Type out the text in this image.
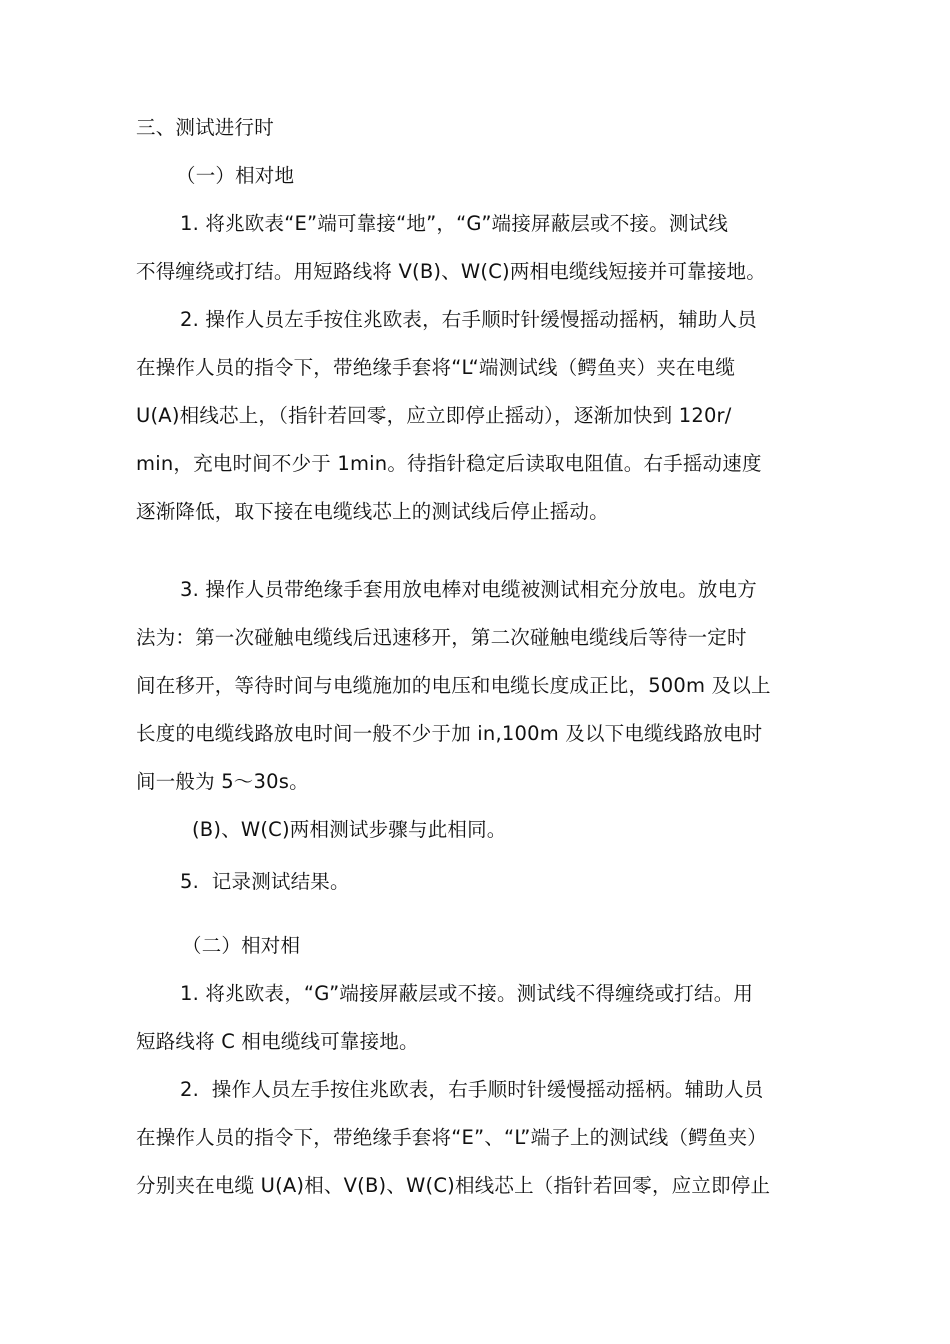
三、测试进行时
（一）相对地
1. 将兆欧表“E”端可靠接“地”，“G”端接屏蔽层或不接。测试线
不得缠绕或打结。用短路线将 V(B)、W(C)两相电缆线短接并可靠接地。
2. 操作人员左手按住兆欧表，右手顺时针缓慢摇动摇柄，辅助人员
在操作人员的指令下，带绝缘手套将“L“端测试线（鳄鱼夹）夹在电缆
U(A)相线芯上，（指针若回零，应立即停止摇动），逐渐加快到 120r/
min，充电时间不少于 1min。待指针稳定后读取电阻值。右手摇动速度
逐渐降低，取下接在电缆线芯上的测试线后停止摇动。
3. 操作人员带绝缘手套用放电棒对电缆被测试相充分放电。放电方
法为：第一次碰触电缆线后迅速移开，第二次碰触电缆线后等待一定时
间在移开，等待时间与电缆施加的电压和电缆长度成正比，500m 及以上
长度的电缆线路放电时间一般不少于加 in,100m 及以下电缆线路放电时
间一般为 5〜30s。
(B)、W(C)两相测试步骤与此相同。
5.  记录测试结果。
（二）相对相
1. 将兆欧表，“G”端接屏蔽层或不接。测试线不得缠绕或打结。用
短路线将 C 相电缆线可靠接地。
2.  操作人员左手按住兆欧表，右手顺时针缓慢摇动摇柄。辅助人员
在操作人员的指令下，带绝缘手套将“E”、“L”端子上的测试线（鳄鱼夹）
分别夹在电缆 U(A)相、V(B)、W(C)相线芯上（指针若回零，应立即停止
